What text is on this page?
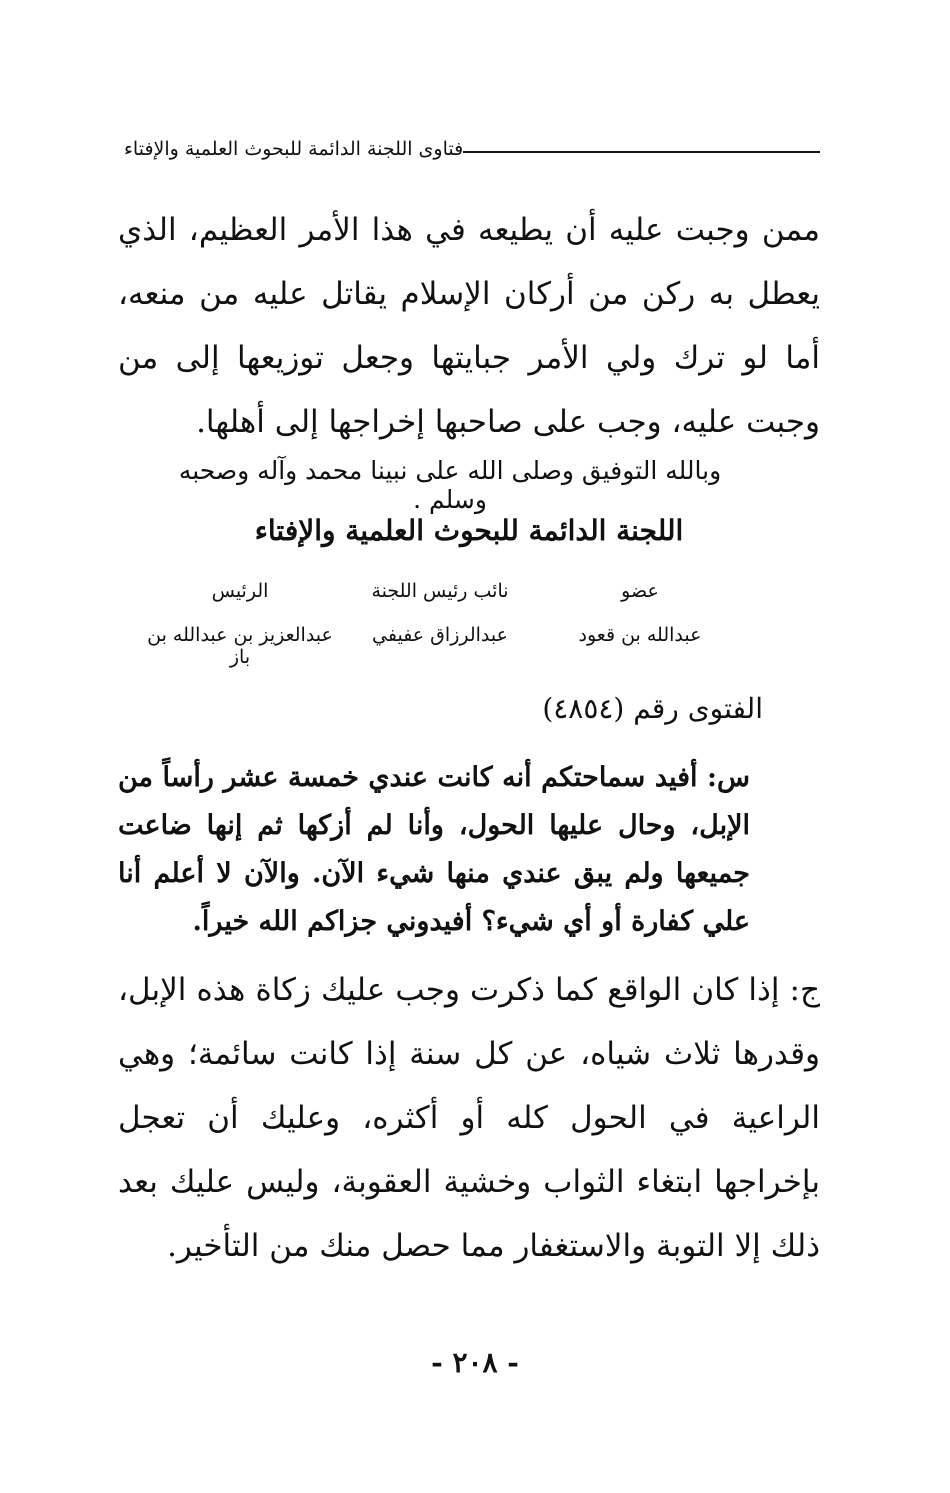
فتاوى اللجنة الدائمة للبحوث العلمية والإفتاء
ممن وجبت عليه أن يطيعه في هذا الأمر العظيم، الذي يعطل به ركن من أركان الإسلام يقاتل عليه من منعه، أما لو ترك ولي الأمر جبايتها وجعل توزيعها إلى من وجبت عليه، وجب على صاحبها إخراجها إلى أهلها.
وبالله التوفيق وصلى الله على نبينا محمد وآله وصحبه وسلم .
اللجنة الدائمة للبحوث العلمية والإفتاء
عضو
نائب رئيس اللجنة
الرئيس
عبدالله بن قعود
عبدالرزاق عفيفي
عبدالعزيز بن عبدالله بن باز
الفتوى رقم (٤٨٥٤)
س: أفيد سماحتكم أنه كانت عندي خمسة عشر رأساً من الإبل، وحال عليها الحول، وأنا لم أزكها ثم إنها ضاعت جميعها ولم يبق عندي منها شيء الآن. والآن لا أعلم أنا علي كفارة أو أي شيء؟ أفيدوني جزاكم الله خيراً.
ج: إذا كان الواقع كما ذكرت وجب عليك زكاة هذه الإبل، وقدرها ثلاث شياه، عن كل سنة إذا كانت سائمة؛ وهي الراعية في الحول كله أو أكثره، وعليك أن تعجل بإخراجها ابتغاء الثواب وخشية العقوبة، وليس عليك بعد ذلك إلا التوبة والاستغفار مما حصل منك من التأخير.
- ٢٠٨ -
